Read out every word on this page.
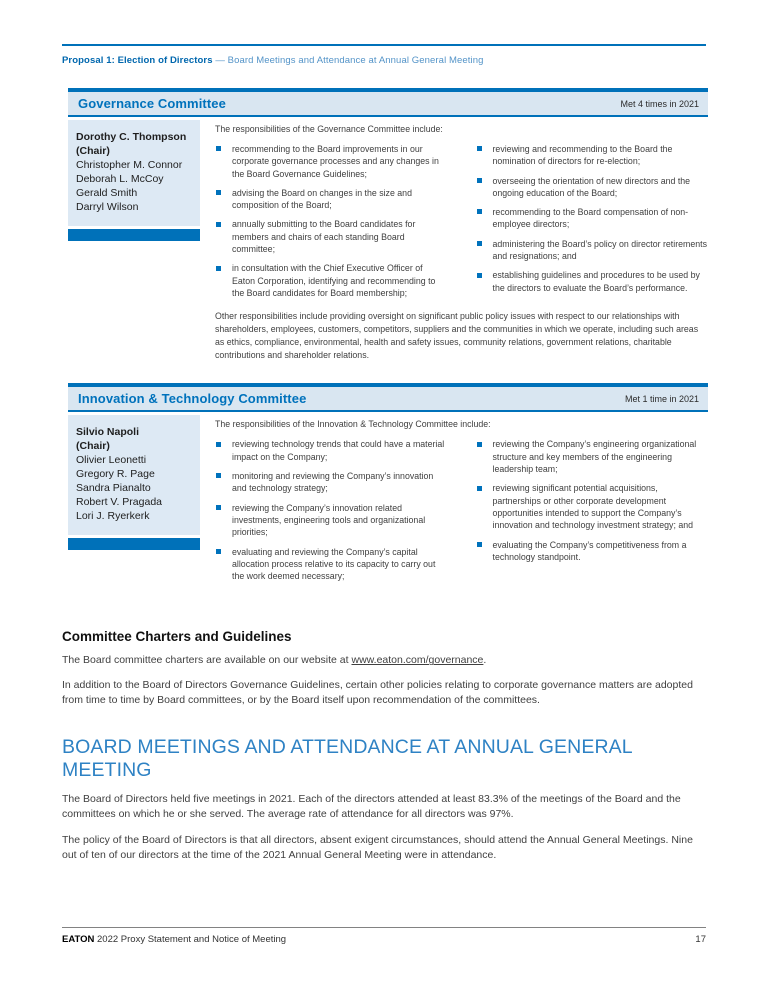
Proposal 1: Election of Directors — Board Meetings and Attendance at Annual General Meeting
Governance Committee	Met 4 times in 2021
Dorothy C. Thompson
(Chair)
Christopher M. Connor
Deborah L. McCoy
Gerald Smith
Darryl Wilson
The responsibilities of the Governance Committee include:
recommending to the Board improvements in our corporate governance processes and any changes in the Board Governance Guidelines;
advising the Board on changes in the size and composition of the Board;
annually submitting to the Board candidates for members and chairs of each standing Board committee;
in consultation with the Chief Executive Officer of Eaton Corporation, identifying and recommending to the Board candidates for Board membership;
reviewing and recommending to the Board the nomination of directors for re-election;
overseeing the orientation of new directors and the ongoing education of the Board;
recommending to the Board compensation of non-employee directors;
administering the Board’s policy on director retirements and resignations; and
establishing guidelines and procedures to be used by the directors to evaluate the Board’s performance.

Other responsibilities include providing oversight on significant public policy issues with respect to our relationships with shareholders, employees, customers, competitors, suppliers and the communities in which we operate, including such areas as ethics, compliance, environmental, health and safety issues, community relations, government relations, charitable contributions and shareholder relations.

Innovation & Technology Committee	Met 1 time in 2021
Silvio Napoli
(Chair)
Olivier Leonetti
Gregory R. Page
Sandra Pianalto
Robert V. Pragada
Lori J. Ryerkerk
The responsibilities of the Innovation & Technology Committee include:
reviewing technology trends that could have a material impact on the Company;
monitoring and reviewing the Company’s innovation and technology strategy;
reviewing the Company’s innovation related investments, engineering tools and organizational priorities;
evaluating and reviewing the Company’s capital allocation process relative to its capacity to carry out the work deemed necessary;
reviewing the Company’s engineering organizational structure and key members of the engineering leadership team;
reviewing significant potential acquisitions, partnerships or other corporate development opportunities intended to support the Company’s innovation and technology investment strategy; and
evaluating the Company’s competitiveness from a technology standpoint.
Committee Charters and Guidelines

The Board committee charters are available on our website at www.eaton.com/governance.

In addition to the Board of Directors Governance Guidelines, certain other policies relating to corporate governance matters are adopted from time to time by Board committees, or by the Board itself upon recommendation of the committees.

BOARD MEETINGS AND ATTENDANCE AT ANNUAL GENERAL MEETING

The Board of Directors held five meetings in 2021. Each of the directors attended at least 83.3% of the meetings of the Board and the committees on which he or she served. The average rate of attendance for all directors was 97%.

The policy of the Board of Directors is that all directors, absent exigent circumstances, should attend the Annual General Meetings. Nine out of ten of our directors at the time of the 2021 Annual General Meeting were in attendance.

EATON 2022 Proxy Statement and Notice of Meeting	17
